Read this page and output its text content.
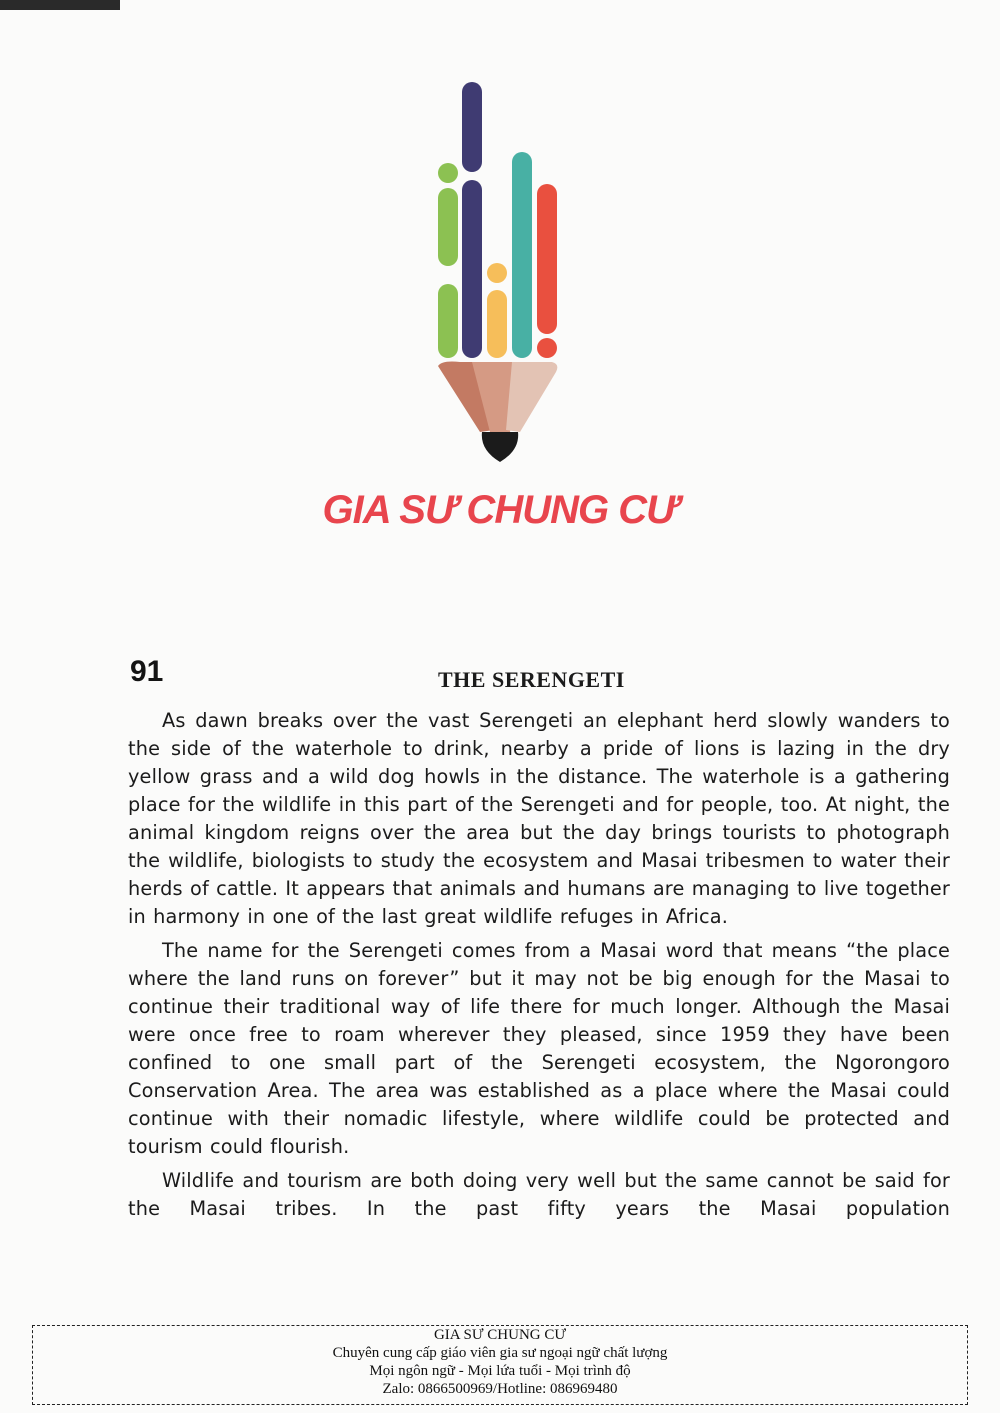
GIA SƯ CHUNG CƯ
91	THE SERENGETI

As dawn breaks over the vast Serengeti an elephant herd slowly wanders to the side of the waterhole to drink, nearby a pride of lions is lazing in the dry yellow grass and a wild dog howls in the distance. The waterhole is a gathering place for the wildlife in this part of the Serengeti and for people, too. At night, the animal kingdom reigns over the area but the day brings tourists to photograph the wildlife, biologists to study the ecosystem and Masai tribesmen to water their herds of cattle. It appears that animals and humans are managing to live together in harmony in one of the last great wildlife refuges in Africa.

The name for the Serengeti comes from a Masai word that means “the place where the land runs on forever” but it may not be big enough for the Masai to continue their traditional way of life there for much longer. Although the Masai were once free to roam wherever they pleased, since 1959 they have been confined to one small part of the Serengeti ecosystem, the Ngorongoro Conservation Area. The area was established as a place where the Masai could continue with their nomadic lifestyle, where wildlife could be protected and tourism could flourish.

Wildlife and tourism are both doing very well but the same cannot be said for the Masai tribes. In the past fifty years the Masai population

GIA SƯ CHUNG CƯ
Chuyên cung cấp giáo viên gia sư ngoại ngữ chất lượng
Mọi ngôn ngữ - Mọi lứa tuổi - Mọi trình độ
Zalo: 0866500969/Hotline: 086969480
